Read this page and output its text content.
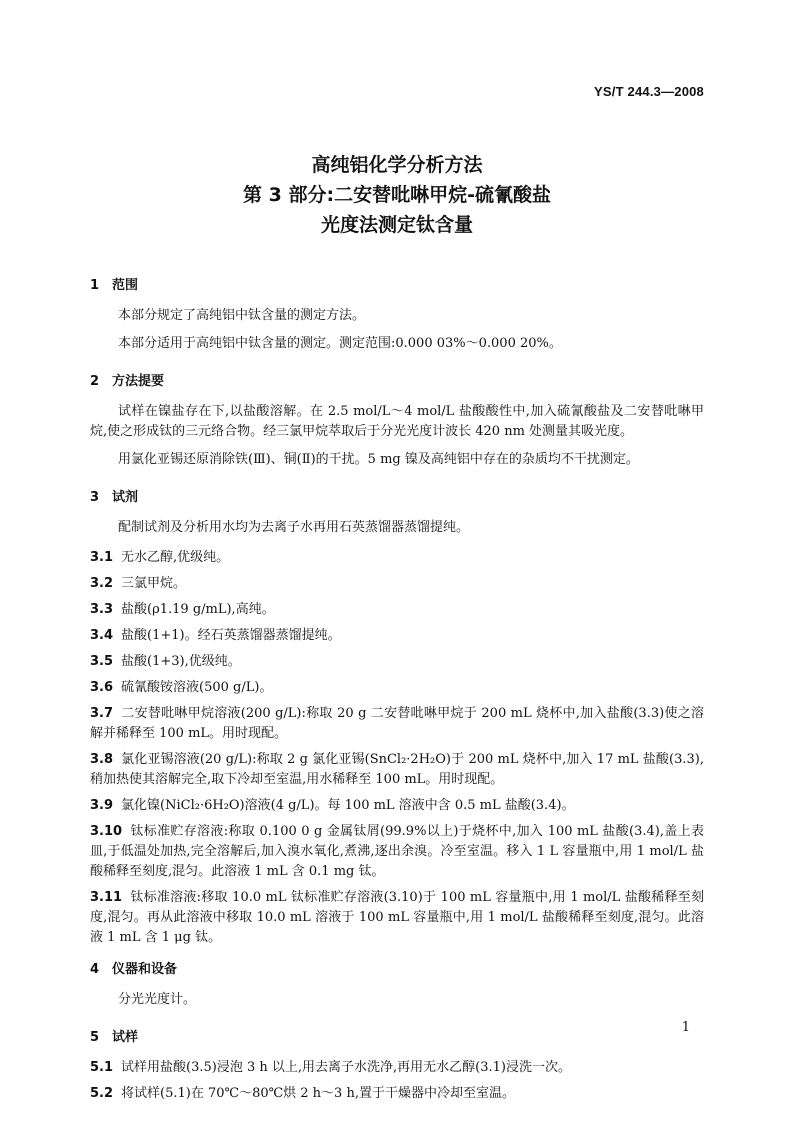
YS/T 244.3—2008
高纯铝化学分析方法
第 3 部分:二安替吡啉甲烷-硫氰酸盐
光度法测定钛含量
1 范围
本部分规定了高纯铝中钛含量的测定方法。
本部分适用于高纯铝中钛含量的测定。测定范围:0.000 03%～0.000 20%。
2 方法提要
试样在镍盐存在下,以盐酸溶解。在 2.5 mol/L～4 mol/L 盐酸酸性中,加入硫氰酸盐及二安替吡啉甲烷,使之形成钛的三元络合物。经三氯甲烷萃取后于分光光度计波长 420 nm 处测量其吸光度。
用氯化亚锡还原消除铁(Ⅲ)、铜(Ⅱ)的干扰。5 mg 镍及高纯铝中存在的杂质均不干扰测定。
3 试剂
配制试剂及分析用水均为去离子水再用石英蒸馏器蒸馏提纯。
3.1 无水乙醇,优级纯。
3.2 三氯甲烷。
3.3 盐酸(ρ1.19 g/mL),高纯。
3.4 盐酸(1+1)。经石英蒸馏器蒸馏提纯。
3.5 盐酸(1+3),优级纯。
3.6 硫氰酸铵溶液(500 g/L)。
3.7 二安替吡啉甲烷溶液(200 g/L):称取 20 g 二安替吡啉甲烷于 200 mL 烧杯中,加入盐酸(3.3)使之溶解并稀释至 100 mL。用时现配。
3.8 氯化亚锡溶液(20 g/L):称取 2 g 氯化亚锡(SnCl₂·2H₂O)于 200 mL 烧杯中,加入 17 mL 盐酸(3.3),稍加热使其溶解完全,取下冷却至室温,用水稀释至 100 mL。用时现配。
3.9 氯化镍(NiCl₂·6H₂O)溶液(4 g/L)。每 100 mL 溶液中含 0.5 mL 盐酸(3.4)。
3.10 钛标准贮存溶液:称取 0.100 0 g 金属钛屑(99.9%以上)于烧杯中,加入 100 mL 盐酸(3.4),盖上表皿,于低温处加热,完全溶解后,加入溴水氧化,煮沸,逐出余溴。冷至室温。移入 1 L 容量瓶中,用 1 mol/L 盐酸稀释至刻度,混匀。此溶液 1 mL 含 0.1 mg 钛。
3.11 钛标准溶液:移取 10.0 mL 钛标准贮存溶液(3.10)于 100 mL 容量瓶中,用 1 mol/L 盐酸稀释至刻度,混匀。再从此溶液中移取 10.0 mL 溶液于 100 mL 容量瓶中,用 1 mol/L 盐酸稀释至刻度,混匀。此溶液 1 mL 含 1 μg 钛。
4 仪器和设备
分光光度计。
5 试样
5.1 试样用盐酸(3.5)浸泡 3 h 以上,用去离子水洗净,再用无水乙醇(3.1)浸洗一次。
5.2 将试样(5.1)在 70℃～80℃烘 2 h～3 h,置于干燥器中冷却至室温。
1
